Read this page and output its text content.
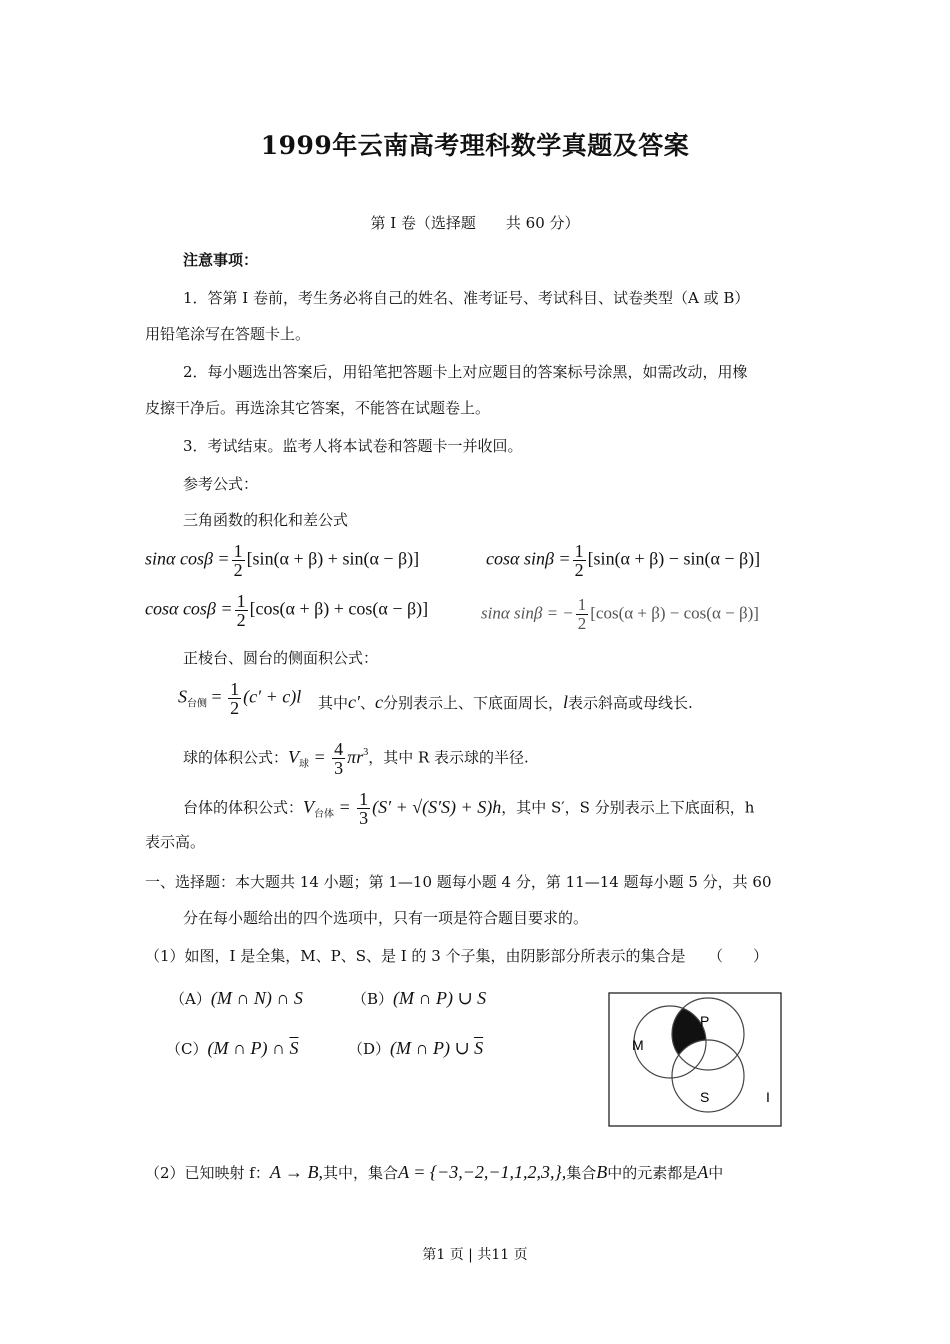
1999年云南高考理科数学真题及答案
第 I 卷（选择题　　共 60 分）
注意事项：
1．答第 I 卷前，考生务必将自己的姓名、准考证号、考试科目、试卷类型（A 或 B）
用铅笔涂写在答题卡上。
2．每小题选出答案后，用铅笔把答题卡上对应题目的答案标号涂黑，如需改动，用橡
皮擦干净后。再选涂其它答案，不能答在试题卷上。
3．考试结束。监考人将本试卷和答题卡一并收回。
参考公式：
三角函数的积化和差公式
sinα $\cos\beta = \frac{1}{2} [\sin(\alpha + \beta) + \sin(\alpha - \beta)]$	cosα $\sin\beta = \frac{1}{2} [\sin(\alpha + \beta) - \sin(\alpha - \beta)]$
cosα $\cos\beta = \frac{1}{2} [\cos(\alpha + \beta) + \cos(\alpha - \beta)]$	sinα sinβ = − $\frac{1}{2} [\cos(\alpha + \beta) - \cos(\alpha - \beta)]$
正棱台、圆台的侧面积公式：
$S_{台侧} = \frac{1}{2} (c' + c)l$ 其中c′、c分别表示上、下底面周长，l表示斜高或母线长.
球的体积公式：$V_球 = \frac{4}{3} \pi r^3$，其中 R 表示球的半径.
台体的体积公式：$V_{台体} = \frac{1}{3} (S' + √(S'S) + S)h$，其中 S′，S 分别表示上下底面积，h
表示高。
一、选择题：本大题共 14 小题；第 1—10 题每小题 4 分，第 11—14 题每小题 5 分，共 60
分在每小题给出的四个选项中，只有一项是符合题目要求的。
（1）如图，I 是全集，M、P、S、是 I 的 3 个子集，由阴影部分所表示的集合是　　（　　）
（A）(M ∩ N) ∩ S	（B）(M ∩ P) ∪ S
（C）(M ∩ P) ∩ $\overline{S}$	（D）(M ∩ P) ∪ $\overline{S}$	M
P
S	I
（2）已知映射 f：A → B,其中，集合A = {−3,−2,−1,1,2,3,},集合B中的元素都是A中
第1 页 | 共11 页
